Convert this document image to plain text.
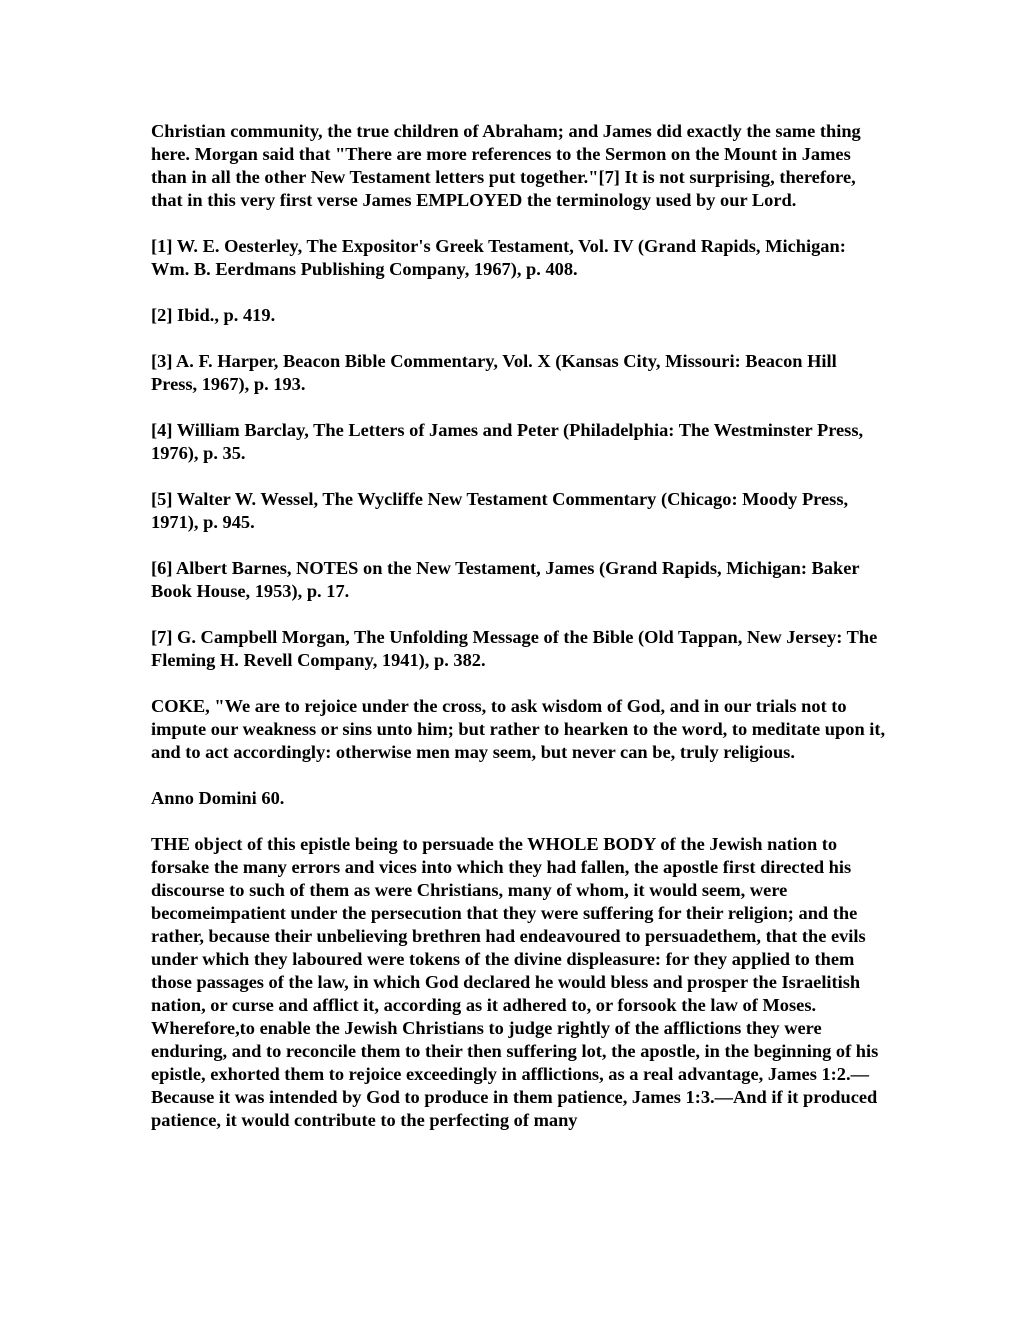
Christian community, the true children of Abraham; and James did exactly the same thing here. Morgan said that "There are more references to the Sermon on the Mount in James than in all the other New Testament letters put together."[7] It is not surprising, therefore, that in this very first verse James EMPLOYED the terminology used by our Lord.

[1] W. E. Oesterley, The Expositor's Greek Testament, Vol. IV (Grand Rapids, Michigan: Wm. B. Eerdmans Publishing Company, 1967), p. 408.

[2] Ibid., p. 419.

[3] A. F. Harper, Beacon Bible Commentary, Vol. X (Kansas City, Missouri: Beacon Hill Press, 1967), p. 193.

[4] William Barclay, The Letters of James and Peter (Philadelphia: The Westminster Press, 1976), p. 35.

[5] Walter W. Wessel, The Wycliffe New Testament Commentary (Chicago: Moody Press, 1971), p. 945.

[6] Albert Barnes, NOTES on the New Testament, James (Grand Rapids, Michigan: Baker Book House, 1953), p. 17.

[7] G. Campbell Morgan, The Unfolding Message of the Bible (Old Tappan, New Jersey: The Fleming H. Revell Company, 1941), p. 382.

COKE, "We are to rejoice under the cross, to ask wisdom of God, and in our trials not to impute our weakness or sins unto him; but rather to hearken to the word, to meditate upon it, and to act accordingly: otherwise men may seem, but never can be, truly religious.

Anno Domini 60.

THE object of this epistle being to persuade the WHOLE BODY of the Jewish nation to forsake the many errors and vices into which they had fallen, the apostle first directed his discourse to such of them as were Christians, many of whom, it would seem, were becomeimpatient under the persecution that they were suffering for their religion; and the rather, because their unbelieving brethren had endeavoured to persuadethem, that the evils under which they laboured were tokens of the divine displeasure: for they applied to them those passages of the law, in which God declared he would bless and prosper the Israelitish nation, or curse and afflict it, according as it adhered to, or forsook the law of Moses. Wherefore,to enable the Jewish Christians to judge rightly of the afflictions they were enduring, and to reconcile them to their then suffering lot, the apostle, in the beginning of his epistle, exhorted them to rejoice exceedingly in afflictions, as a real advantage, James 1:2.—Because it was intended by God to produce in them patience, James 1:3.—And if it produced patience, it would contribute to the perfecting of many
